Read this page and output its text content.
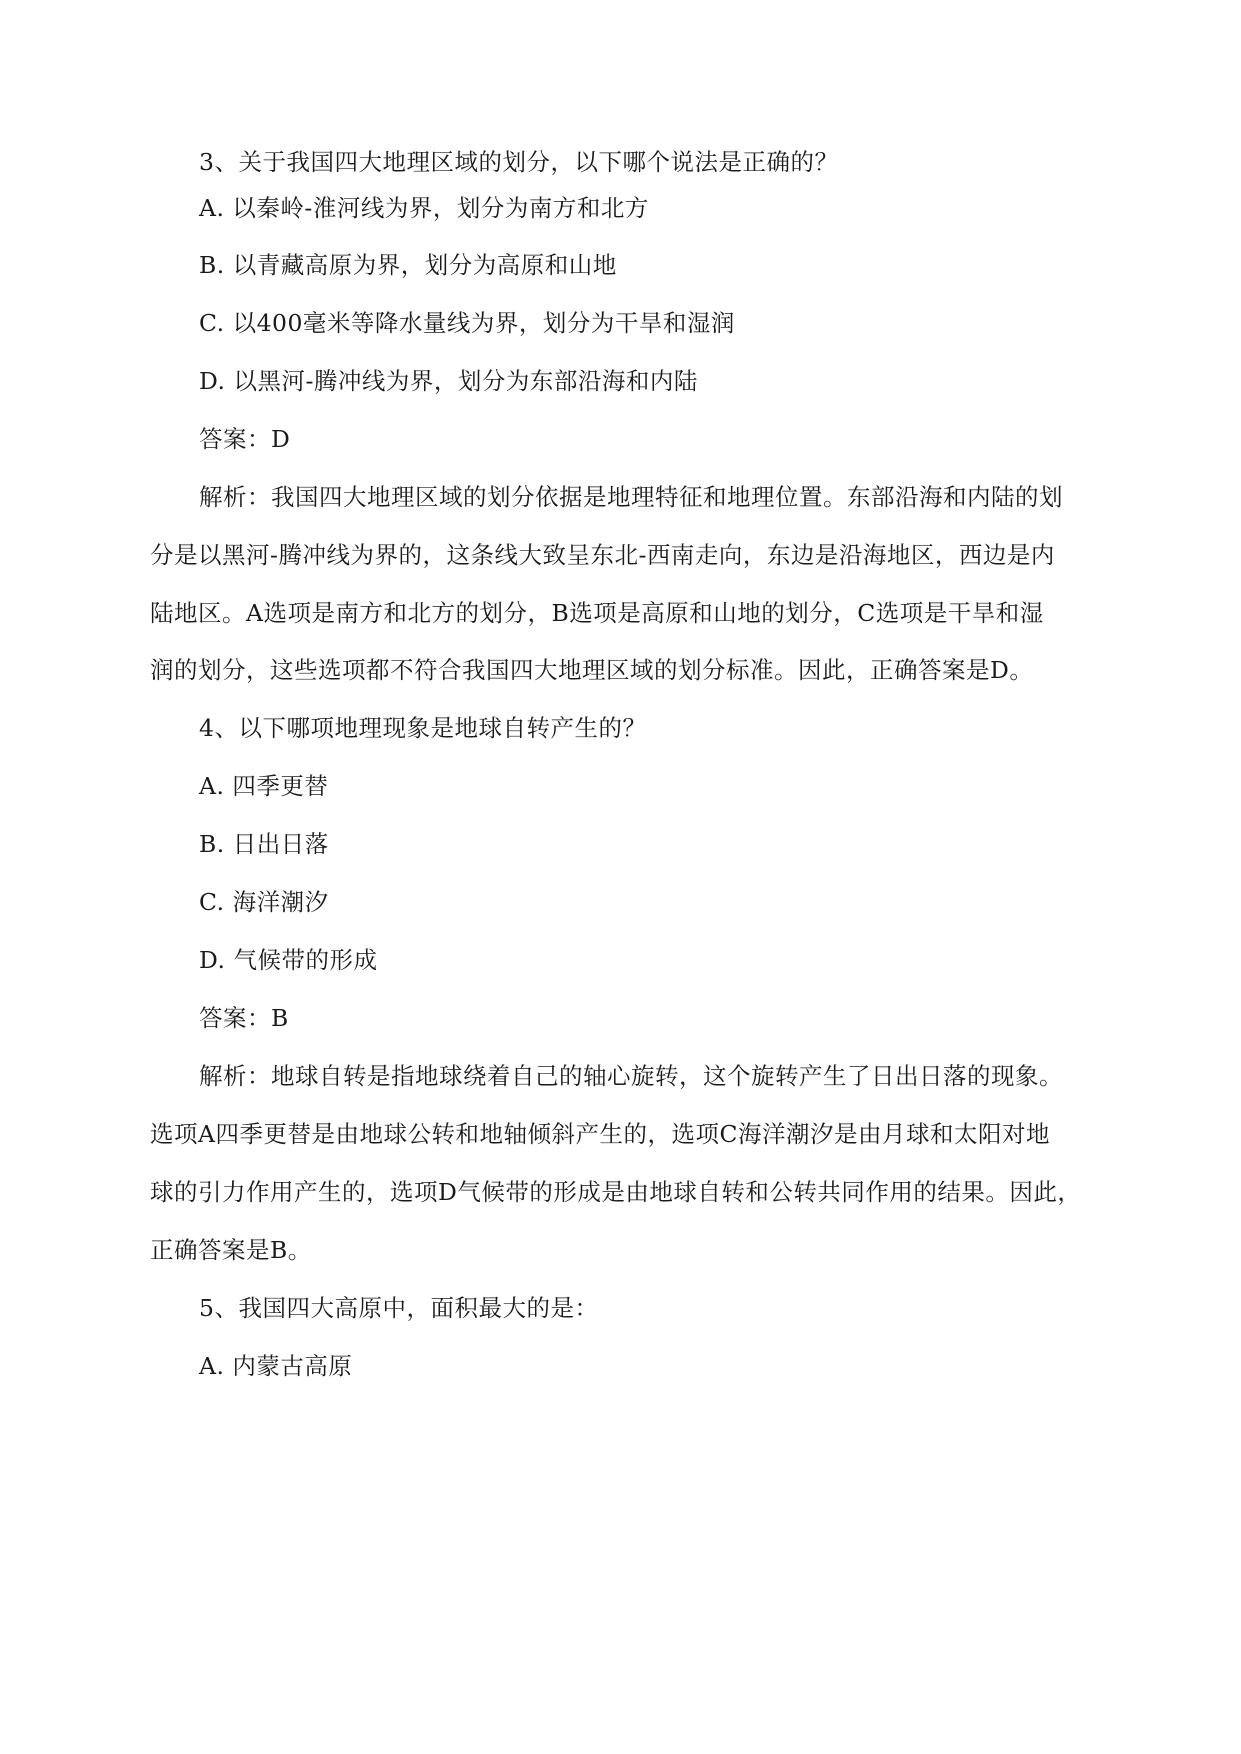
3、关于我国四大地理区域的划分，以下哪个说法是正确的？
A. 以秦岭-淮河线为界，划分为南方和北方
B. 以青藏高原为界，划分为高原和山地
C. 以400毫米等降水量线为界，划分为干旱和湿润
D. 以黑河-腾冲线为界，划分为东部沿海和内陆
答案：D
解析：我国四大地理区域的划分依据是地理特征和地理位置。东部沿海和内陆的划
分是以黑河-腾冲线为界的，这条线大致呈东北-西南走向，东边是沿海地区，西边是内
陆地区。A选项是南方和北方的划分，B选项是高原和山地的划分，C选项是干旱和湿
润的划分，这些选项都不符合我国四大地理区域的划分标准。因此，正确答案是D。
4、以下哪项地理现象是地球自转产生的？
A. 四季更替
B. 日出日落
C. 海洋潮汐
D. 气候带的形成
答案：B
解析：地球自转是指地球绕着自己的轴心旋转，这个旋转产生了日出日落的现象。
选项A四季更替是由地球公转和地轴倾斜产生的，选项C海洋潮汐是由月球和太阳对地
球的引力作用产生的，选项D气候带的形成是由地球自转和公转共同作用的结果。因此，
正确答案是B。
5、我国四大高原中，面积最大的是：
A. 内蒙古高原
